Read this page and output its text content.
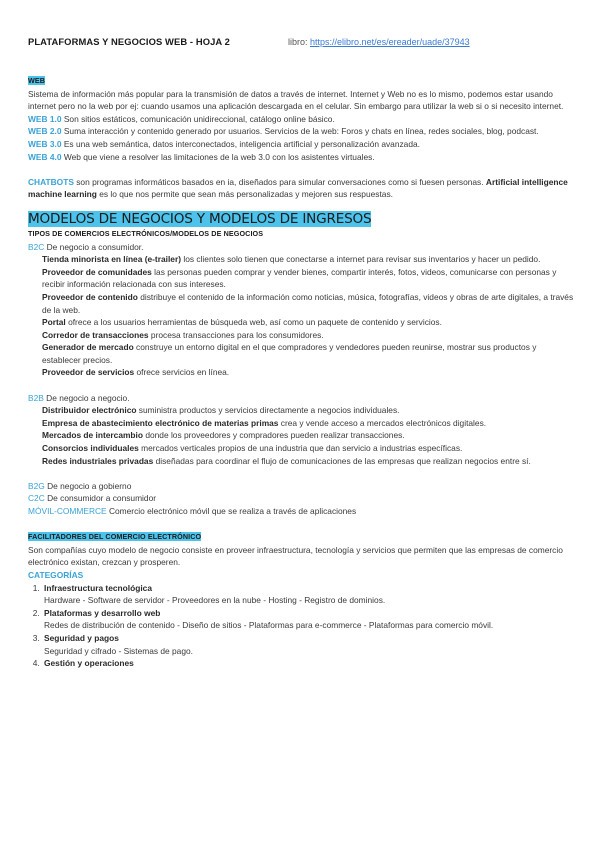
PLATAFORMAS Y NEGOCIOS WEB - HOJA 2	libro: https://elibro.net/es/ereader/uade/37943
WEB

Sistema de información más popular para la transmisión de datos a través de internet. Internet y Web no es lo mismo, podemos estar usando internet pero no la web por ej: cuando usamos una aplicación descargada en el celular. Sin embargo para utilizar la web si o si necesito internet.

WEB 1.0 Son sitios estáticos, comunicación unidireccional, catálogo online básico.

WEB 2.0 Suma interacción y contenido generado por usuarios. Servicios de la web: Foros y chats en línea, redes sociales, blog, podcast.

WEB 3.0 Es una web semántica, datos interconectados, inteligencia artificial y personalización avanzada.

WEB 4.0 Web que viene a resolver las limitaciones de la web 3.0 con los asistentes virtuales.

CHATBOTS son programas informáticos basados en ia, diseñados para simular conversaciones como si fuesen personas. Artificial intelligence machine learning es lo que nos permite que sean más personalizadas y mejoren sus respuestas.

MODELOS DE NEGOCIOS Y MODELOS DE INGRESOS
TIPOS DE COMERCIOS ELECTRÓNICOS/MODELOS DE NEGOCIOS

B2C De negocio a consumidor.

Tienda minorista en línea (e-trailer) los clientes solo tienen que conectarse a internet para revisar sus inventarios y hacer un pedido.

Proveedor de comunidades las personas pueden comprar y vender bienes, compartir interés, fotos, videos, comunicarse con personas y recibir información relacionada con sus intereses.

Proveedor de contenido distribuye el contenido de la información como noticias, música, fotografías, videos y obras de arte digitales, a través de la web.

Portal ofrece a los usuarios herramientas de búsqueda web, así como un paquete de contenido y servicios.

Corredor de transacciones procesa transacciones para los consumidores.

Generador de mercado construye un entorno digital en el que compradores y vendedores pueden reunirse, mostrar sus productos y establecer precios.

Proveedor de servicios ofrece servicios en línea.

B2B De negocio a negocio.

Distribuidor electrónico suministra productos y servicios directamente a negocios individuales.

Empresa de abastecimiento electrónico de materias primas crea y vende acceso a mercados electrónicos digitales.

Mercados de intercambio donde los proveedores y compradores pueden realizar transacciones.

Consorcios individuales mercados verticales propios de una industria que dan servicio a industrias específicas.

Redes industriales privadas diseñadas para coordinar el flujo de comunicaciones de las empresas que realizan negocios entre sí.

B2G De negocio a gobierno

C2C De consumidor a consumidor

MÓVIL-COMMERCE Comercio electrónico móvil que se realiza a través de aplicaciones

FACILITADORES DEL COMERCIO ELECTRÓNICO

Son compañías cuyo modelo de negocio consiste en proveer infraestructura, tecnología y servicios que permiten que las empresas de comercio electrónico existan, crezcan y prosperen.

CATEGORÍAS

1. Infraestructura tecnológica
Hardware - Software de servidor - Proveedores en la nube - Hosting - Registro de dominios.
2. Plataformas y desarrollo web
Redes de distribución de contenido - Diseño de sitios - Plataformas para e-commerce - Plataformas para comercio móvil.
3. Seguridad y pagos
Seguridad y cifrado - Sistemas de pago.
4. Gestión y operaciones
